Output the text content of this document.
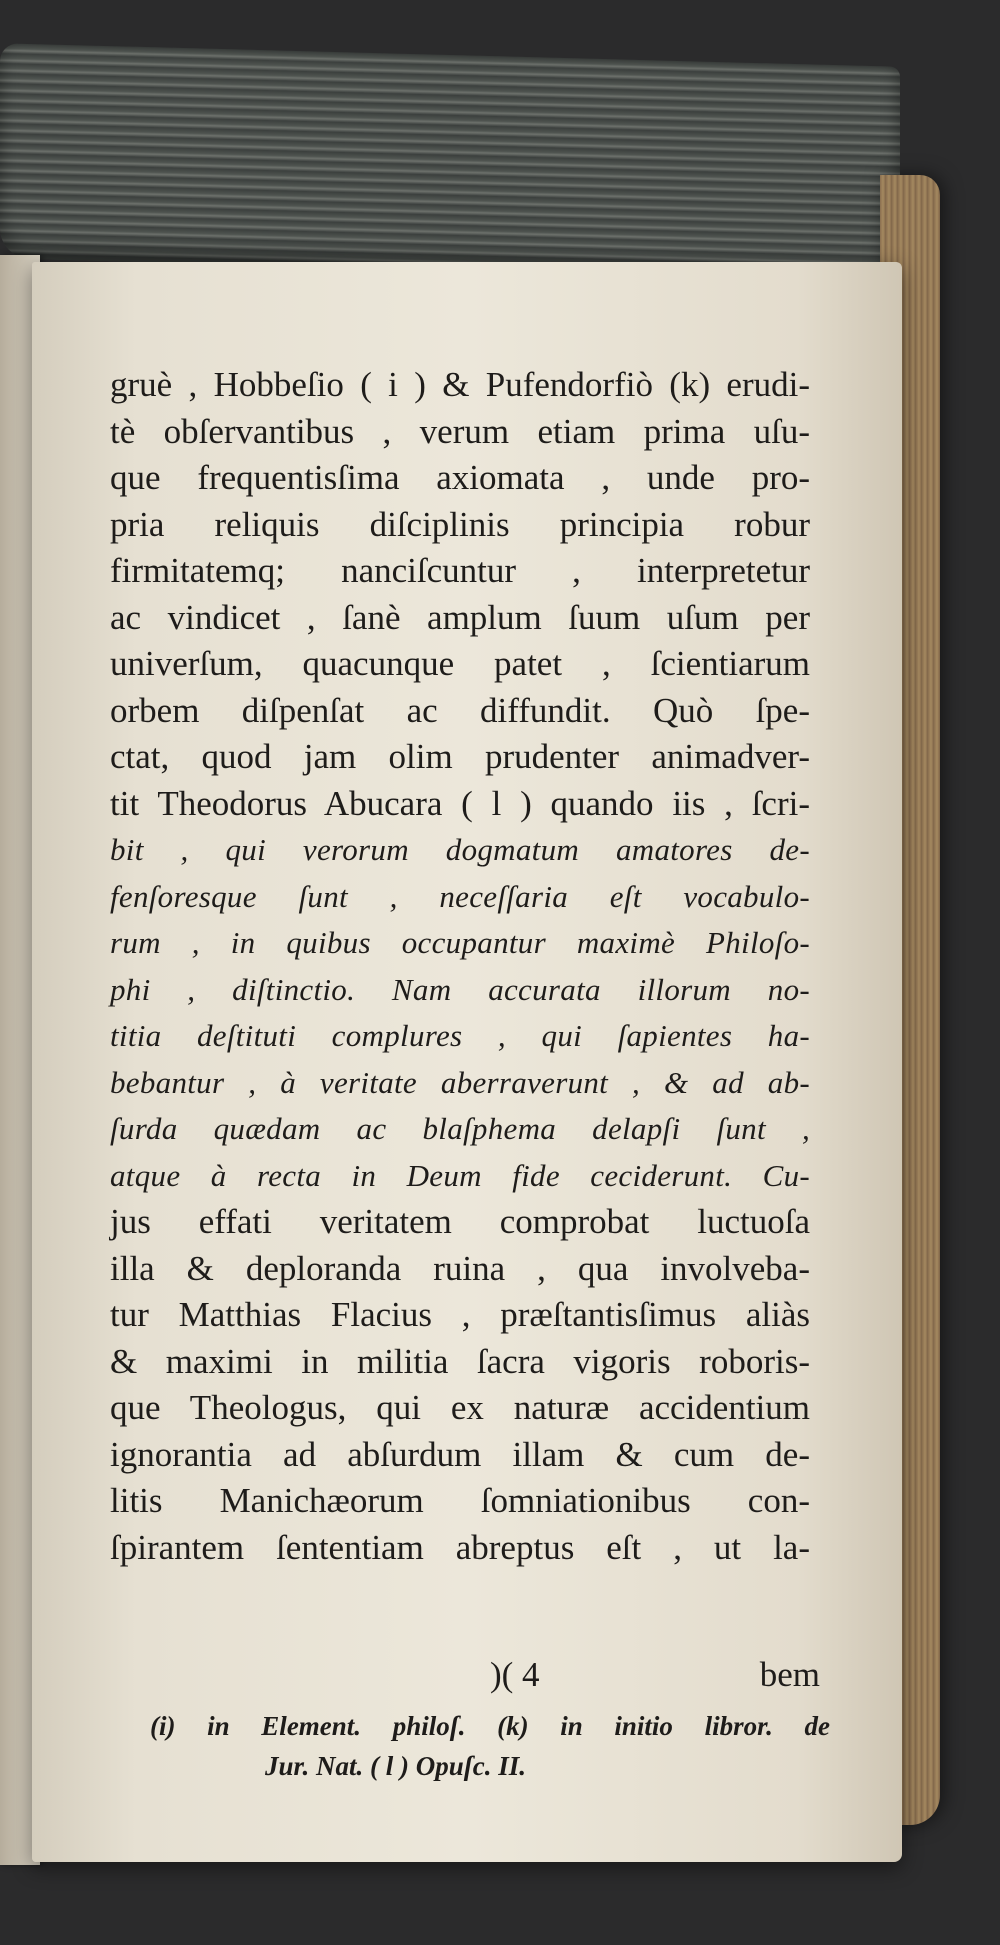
gruè , Hobbeſio ( i ) & Pufendorfiò (k) erudi-
tè obſervantibus , verum etiam prima uſu-
que frequentisſima axiomata , unde pro-
pria reliquis diſciplinis principia robur
firmitatemq; nanciſcuntur , interpretetur
ac vindicet , ſanè amplum ſuum uſum per
univerſum, quacunque patet , ſcientiarum
orbem diſpenſat ac diffundit. Quò ſpe-
ctat, quod jam olim prudenter animadver-
tit Theodorus Abucara ( l ) quando iis , ſcri-
bit , qui verorum dogmatum amatores de-
fenſoresque ſunt , neceſſaria eſt vocabulo-
rum , in quibus occupantur maximè Philoſo-
phi , diſtinctio. Nam accurata illorum no-
titia deſtituti complures , qui ſapientes ha-
bebantur , à veritate aberraverunt , & ad ab-
ſurda quædam ac blaſphema delapſi ſunt ,
atque à recta in Deum fide ceciderunt. Cu-
jus effati veritatem comprobat luctuoſa
illa & deploranda ruina , qua involveba-
tur Matthias Flacius , præſtantisſimus aliàs
& maximi in militia ſacra vigoris roboris-
que Theologus, qui ex naturæ accidentium
ignorantia ad abſurdum illam & cum de-
litis Manichæorum ſomniationibus con-
ſpirantem ſententiam abreptus eſt , ut la-
)( 4	bem
(i) in Element. philoſ. (k) in initio libror. de
Jur. Nat. ( l ) Opuſc. II.
